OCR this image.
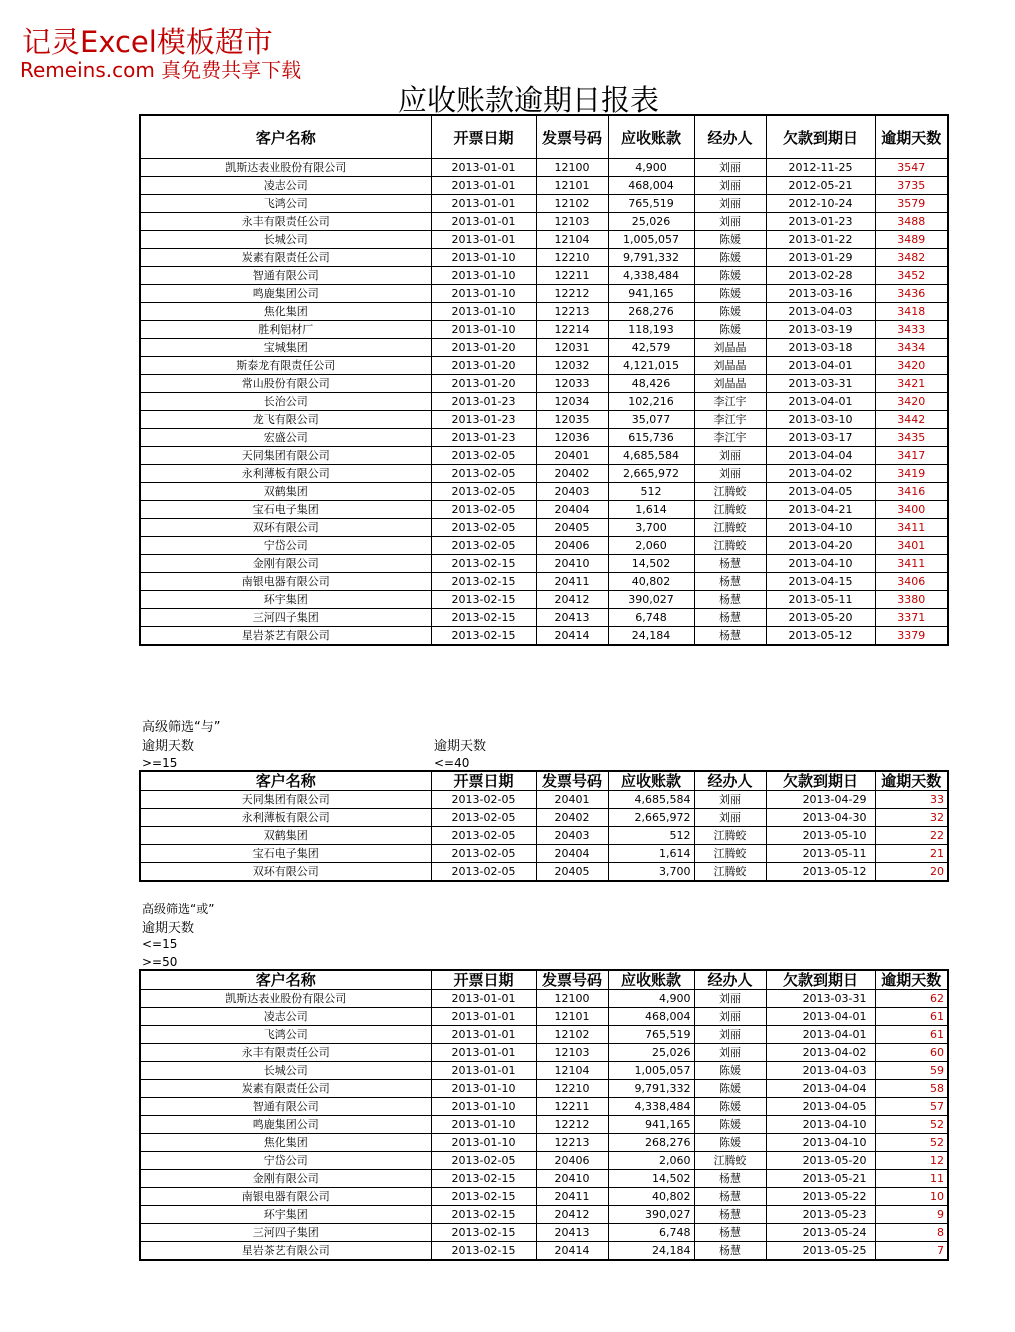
记灵Excel模板超市
Remeins.com 真免费共享下载
应收账款逾期日报表
客户名称	开票日期	发票号码	应收账款	经办人	欠款到期日	逾期天数
凯斯达表业股份有限公司	2013-01-01	12100	4,900	刘丽	2012-11-25	3547
凌志公司	2013-01-01	12101	468,004	刘丽	2012-05-21	3735
飞鸿公司	2013-01-01	12102	765,519	刘丽	2012-10-24	3579
永丰有限责任公司	2013-01-01	12103	25,026	刘丽	2013-01-23	3488
长城公司	2013-01-01	12104	1,005,057	陈媛	2013-01-22	3489
炭素有限责任公司	2013-01-10	12210	9,791,332	陈媛	2013-01-29	3482
智通有限公司	2013-01-10	12211	4,338,484	陈媛	2013-02-28	3452
鸣鹿集团公司	2013-01-10	12212	941,165	陈媛	2013-03-16	3436
焦化集团	2013-01-10	12213	268,276	陈媛	2013-04-03	3418
胜利铝材厂	2013-01-10	12214	118,193	陈媛	2013-03-19	3433
宝城集团	2013-01-20	12031	42,579	刘晶晶	2013-03-18	3434
斯泰龙有限责任公司	2013-01-20	12032	4,121,015	刘晶晶	2013-04-01	3420
常山股份有限公司	2013-01-20	12033	48,426	刘晶晶	2013-03-31	3421
长治公司	2013-01-23	12034	102,216	李江宇	2013-04-01	3420
龙飞有限公司	2013-01-23	12035	35,077	李江宇	2013-03-10	3442
宏盛公司	2013-01-23	12036	615,736	李江宇	2013-03-17	3435
天同集团有限公司	2013-02-05	20401	4,685,584	刘丽	2013-04-04	3417
永利薄板有限公司	2013-02-05	20402	2,665,972	刘丽	2013-04-02	3419
双鹤集团	2013-02-05	20403	512	江腾蛟	2013-04-05	3416
宝石电子集团	2013-02-05	20404	1,614	江腾蛟	2013-04-21	3400
双环有限公司	2013-02-05	20405	3,700	江腾蛟	2013-04-10	3411
宁岱公司	2013-02-05	20406	2,060	江腾蛟	2013-04-20	3401
金刚有限公司	2013-02-15	20410	14,502	杨慧	2013-04-10	3411
南银电器有限公司	2013-02-15	20411	40,802	杨慧	2013-04-15	3406
环宇集团	2013-02-15	20412	390,027	杨慧	2013-05-11	3380
三河四子集团	2013-02-15	20413	6,748	杨慧	2013-05-20	3371
星岩茶艺有限公司	2013-02-15	20414	24,184	杨慧	2013-05-12	3379
高级筛选“与”
逾期天数	逾期天数
>=15	<=40
客户名称	开票日期	发票号码	应收账款	经办人	欠款到期日	逾期天数
天同集团有限公司	2013-02-05	20401	4,685,584	刘丽	2013-04-29	33
永利薄板有限公司	2013-02-05	20402	2,665,972	刘丽	2013-04-30	32
双鹤集团	2013-02-05	20403	512	江腾蛟	2013-05-10	22
宝石电子集团	2013-02-05	20404	1,614	江腾蛟	2013-05-11	21
双环有限公司	2013-02-05	20405	3,700	江腾蛟	2013-05-12	20
高级筛选“或”
逾期天数
<=15
>=50
客户名称	开票日期	发票号码	应收账款	经办人	欠款到期日	逾期天数
凯斯达表业股份有限公司	2013-01-01	12100	4,900	刘丽	2013-03-31	62
凌志公司	2013-01-01	12101	468,004	刘丽	2013-04-01	61
飞鸿公司	2013-01-01	12102	765,519	刘丽	2013-04-01	61
永丰有限责任公司	2013-01-01	12103	25,026	刘丽	2013-04-02	60
长城公司	2013-01-01	12104	1,005,057	陈媛	2013-04-03	59
炭素有限责任公司	2013-01-10	12210	9,791,332	陈媛	2013-04-04	58
智通有限公司	2013-01-10	12211	4,338,484	陈媛	2013-04-05	57
鸣鹿集团公司	2013-01-10	12212	941,165	陈媛	2013-04-10	52
焦化集团	2013-01-10	12213	268,276	陈媛	2013-04-10	52
宁岱公司	2013-02-05	20406	2,060	江腾蛟	2013-05-20	12
金刚有限公司	2013-02-15	20410	14,502	杨慧	2013-05-21	11
南银电器有限公司	2013-02-15	20411	40,802	杨慧	2013-05-22	10
环宇集团	2013-02-15	20412	390,027	杨慧	2013-05-23	9
三河四子集团	2013-02-15	20413	6,748	杨慧	2013-05-24	8
星岩茶艺有限公司	2013-02-15	20414	24,184	杨慧	2013-05-25	7
